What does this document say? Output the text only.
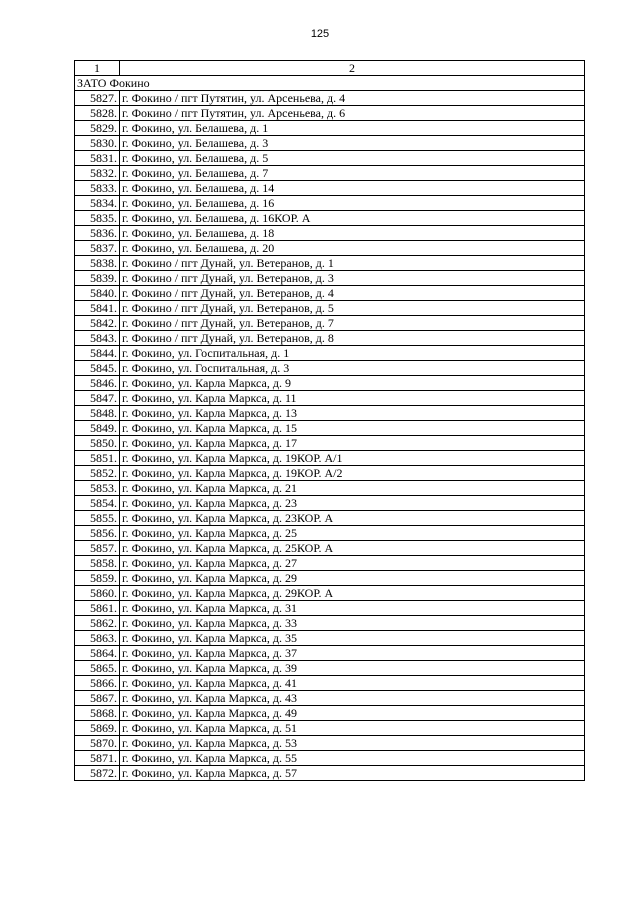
125
1	2
ЗАТО Фокино	
5827.	г. Фокино / пгт Путятин, ул. Арсеньева, д. 4
5828.	г. Фокино / пгт Путятин, ул. Арсеньева, д. 6
5829.	г. Фокино, ул. Белашева, д. 1
5830.	г. Фокино, ул. Белашева, д. 3
5831.	г. Фокино, ул. Белашева, д. 5
5832.	г. Фокино, ул. Белашева, д. 7
5833.	г. Фокино, ул. Белашева, д. 14
5834.	г. Фокино, ул. Белашева, д. 16
5835.	г. Фокино, ул. Белашева, д. 16КОР. А
5836.	г. Фокино, ул. Белашева, д. 18
5837.	г. Фокино, ул. Белашева, д. 20
5838.	г. Фокино / пгт Дунай, ул. Ветеранов, д. 1
5839.	г. Фокино / пгт Дунай, ул. Ветеранов, д. 3
5840.	г. Фокино / пгт Дунай, ул. Ветеранов, д. 4
5841.	г. Фокино / пгт Дунай, ул. Ветеранов, д. 5
5842.	г. Фокино / пгт Дунай, ул. Ветеранов, д. 7
5843.	г. Фокино / пгт Дунай, ул. Ветеранов, д. 8
5844.	г. Фокино, ул. Госпитальная, д. 1
5845.	г. Фокино, ул. Госпитальная, д. 3
5846.	г. Фокино, ул. Карла Маркса, д. 9
5847.	г. Фокино, ул. Карла Маркса, д. 11
5848.	г. Фокино, ул. Карла Маркса, д. 13
5849.	г. Фокино, ул. Карла Маркса, д. 15
5850.	г. Фокино, ул. Карла Маркса, д. 17
5851.	г. Фокино, ул. Карла Маркса, д. 19КОР. А/1
5852.	г. Фокино, ул. Карла Маркса, д. 19КОР. А/2
5853.	г. Фокино, ул. Карла Маркса, д. 21
5854.	г. Фокино, ул. Карла Маркса, д. 23
5855.	г. Фокино, ул. Карла Маркса, д. 23КОР. А
5856.	г. Фокино, ул. Карла Маркса, д. 25
5857.	г. Фокино, ул. Карла Маркса, д. 25КОР. А
5858.	г. Фокино, ул. Карла Маркса, д. 27
5859.	г. Фокино, ул. Карла Маркса, д. 29
5860.	г. Фокино, ул. Карла Маркса, д. 29КОР. А
5861.	г. Фокино, ул. Карла Маркса, д. 31
5862.	г. Фокино, ул. Карла Маркса, д. 33
5863.	г. Фокино, ул. Карла Маркса, д. 35
5864.	г. Фокино, ул. Карла Маркса, д. 37
5865.	г. Фокино, ул. Карла Маркса, д. 39
5866.	г. Фокино, ул. Карла Маркса, д. 41
5867.	г. Фокино, ул. Карла Маркса, д. 43
5868.	г. Фокино, ул. Карла Маркса, д. 49
5869.	г. Фокино, ул. Карла Маркса, д. 51
5870.	г. Фокино, ул. Карла Маркса, д. 53
5871.	г. Фокино, ул. Карла Маркса, д. 55
5872.	г. Фокино, ул. Карла Маркса, д. 57
